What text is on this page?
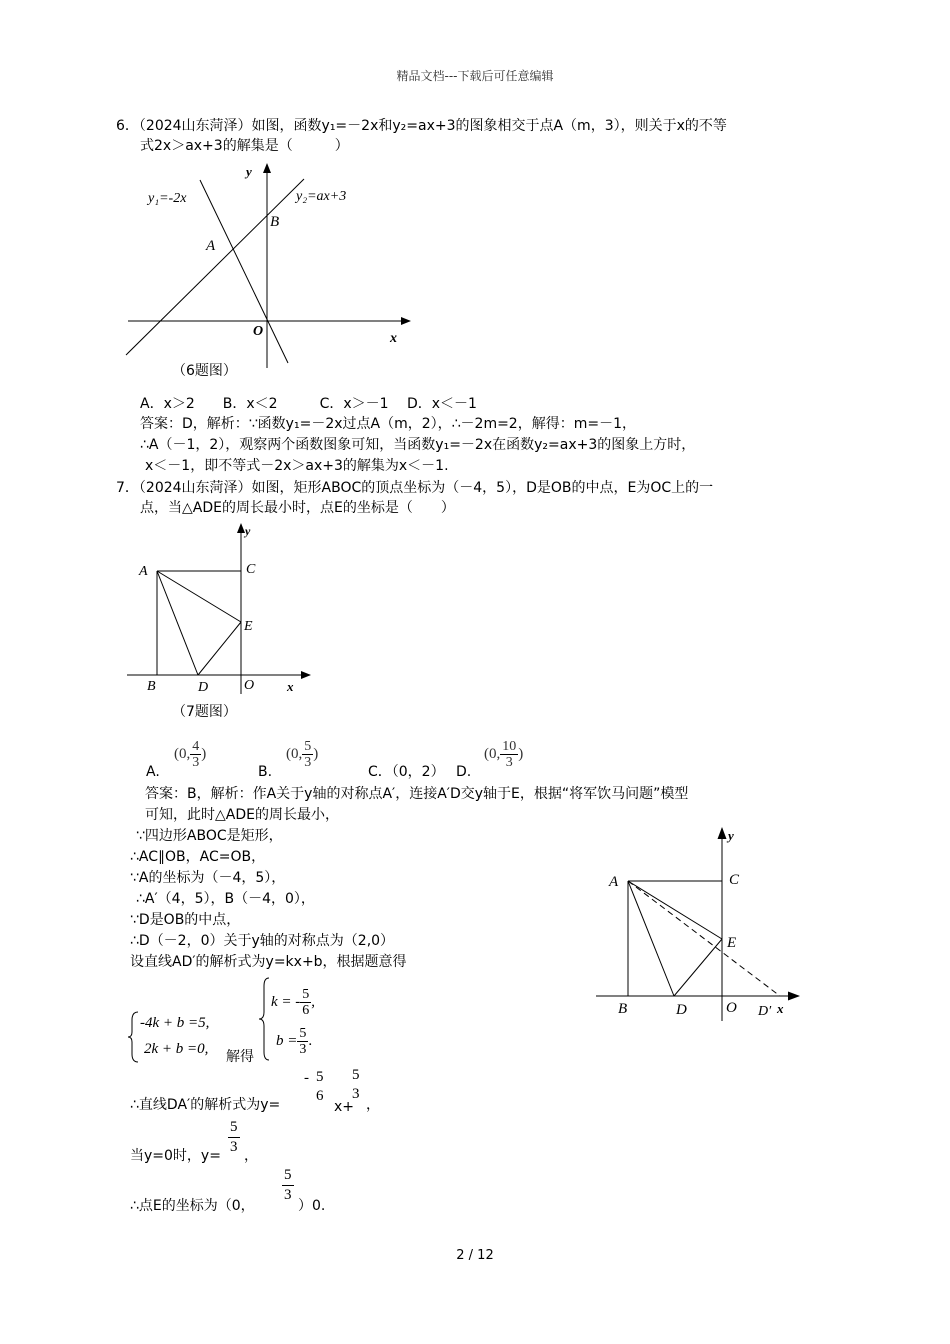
精品文档---下载后可任意编辑
6．（2024山东菏泽）如图，函数y₁=－2x和y₂=ax+3的图象相交于点A（m，3），则关于x的不等
式2x＞ax+3的解集是（　　　）
y₁=-2x	y₂=ax+3
A
B
O	x
y
（6题图）
A．x＞2　　B．x＜2　　　C．x＞－1　 D．x＜－1
答案：D，解析：∵函数y₁=－2x过点A（m，2），∴－2m=2，解得：m=－1，
∴A（－1，2），观察两个函数图象可知，当函数y₁=－2x在函数y₂=ax+3的图象上方时，
x＜－1，即不等式－2x＞ax+3的解集为x＜－1.
7．（2024山东菏泽）如图，矩形ABOC的顶点坐标为（－4，5），D是OB的中点，E为OC上的一
点，当△ADE的周长最小时，点E的坐标是（　　）
A	C
E
B	D	O	x
y
（7题图）
A.
(0, $\frac{4}{3}$ )
B.
(0, $\frac{5}{3}$ )
C．（0，2） D.
(0, $\frac{10}{3}$ )
答案：B，解析：作A关于y轴的对称点A′，连接A′D交y轴于E，根据“将军饮马问题”模型
可知，此时△ADE的周长最小，
∵四边形ABOC是矩形，
∴AC∥OB，AC=OB，
∵A的坐标为（－4，5），
∴A′（4，5），B（－4，0），
∵D是OB的中点，
∴D（－2，0）关于y轴的对称点为（2,0）
设直线AD′的解析式为y=kx+b，根据题意得
-4k + b =5,
2k + b =0, 解得
k = - $\frac{5}{6}$ ,
$b = \frac{5}{3}$ .
∴直线DA′的解析式为y=
- 5
6
x+
5
3
，
当y=0时，$y= \frac{5}{3}$ ，
∴点E的坐标为（0，
$\frac{5}{3}$
）0.
A	C
E
B	D	O D′ x
y
2 / 12
